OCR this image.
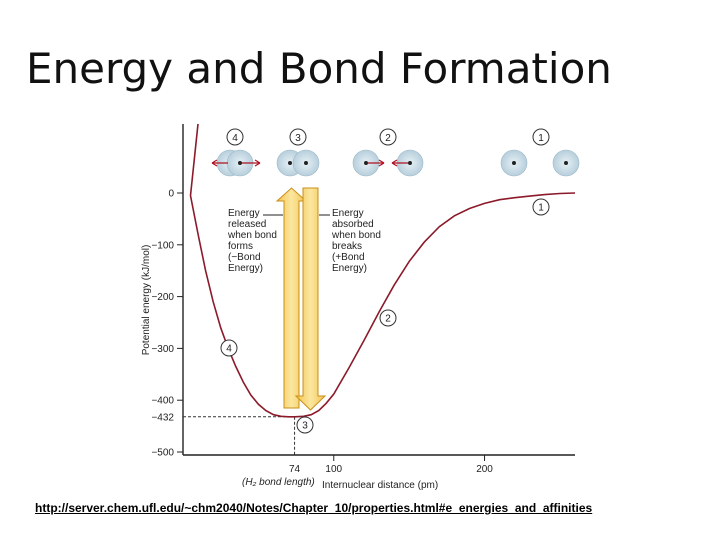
Energy and Bond Formation
0
−100
−200
−300
−400
−500
100	200
Potential energy (kJ/mol)
Internuclear distance (pm)
−432
74
(H₂ bond length)
Energy
released
when bond
forms
(−Bond
Energy)
Energy
absorbed
when bond
breaks
(+Bond
Energy)
4	3	2	1
1
2
3
4
http://server.chem.ufl.edu/~chm2040/Notes/Chapter_10/properties.html#e_energies_and_affinities
